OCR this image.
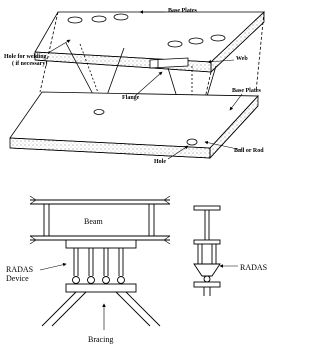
Base Plates
Hole for welding
( if necessary)
Web
Flange
Base Plates
Hole
Ball or Rod
Beam
RADAS
Device
Bracing
RADAS
